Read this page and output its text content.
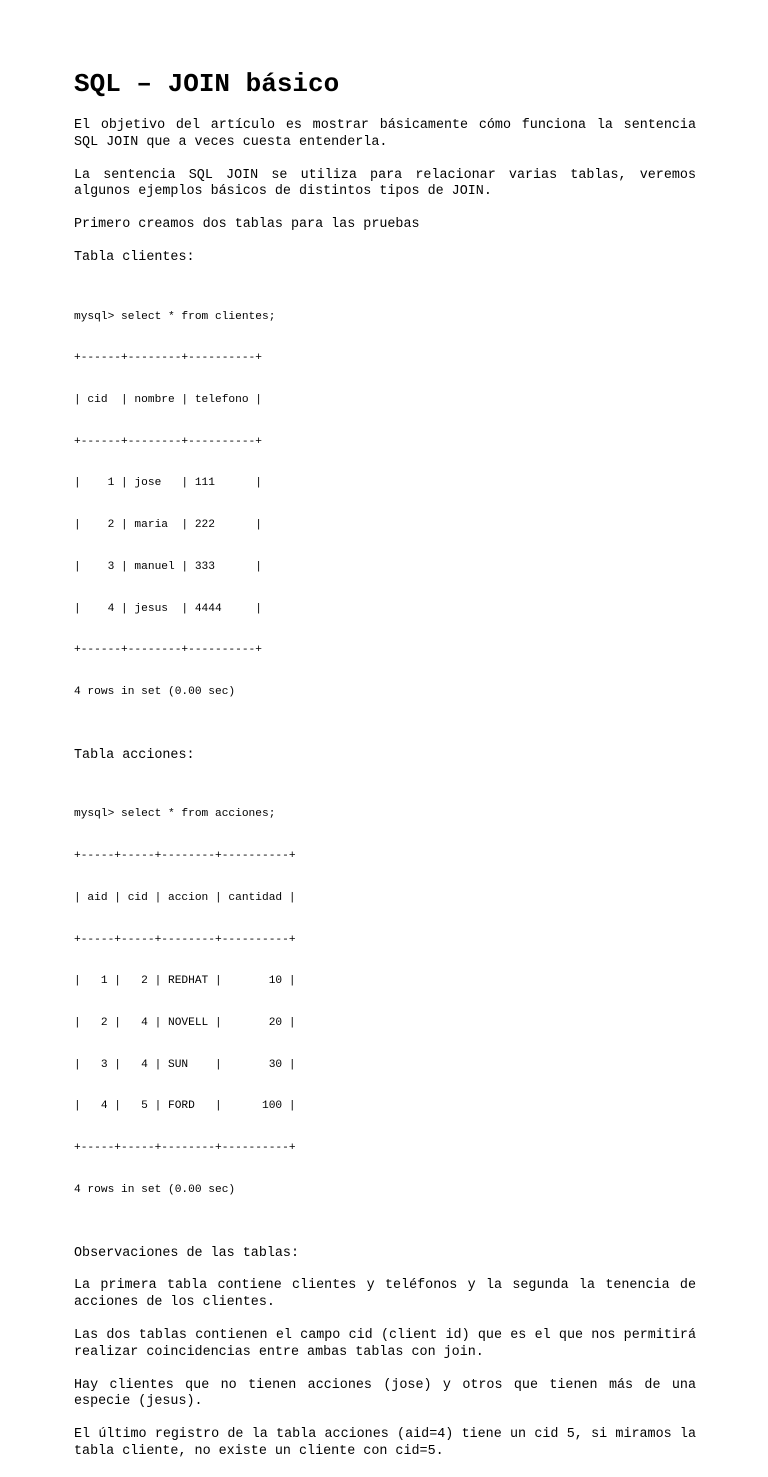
SQL – JOIN básico

El objetivo del artículo es mostrar básicamente cómo funciona la sentencia SQL JOIN que a veces cuesta entenderla.

La sentencia SQL JOIN se utiliza para relacionar varias tablas, veremos algunos ejemplos básicos de distintos tipos de JOIN.

Primero creamos dos tablas para las pruebas

Tabla clientes:

mysql> select * from clientes;

+------+--------+----------+

| cid  | nombre | telefono |

+------+--------+----------+

|    1 | jose   | 111      |

|    2 | maria  | 222      |

|    3 | manuel | 333      |

|    4 | jesus  | 4444     |

+------+--------+----------+

4 rows in set (0.00 sec)

Tabla acciones:

mysql> select * from acciones;

+-----+-----+--------+----------+

| aid | cid | accion | cantidad |

+-----+-----+--------+----------+

|   1 |   2 | REDHAT |       10 |

|   2 |   4 | NOVELL |       20 |

|   3 |   4 | SUN    |       30 |

|   4 |   5 | FORD   |      100 |

+-----+-----+--------+----------+

4 rows in set (0.00 sec)

Observaciones de las tablas:

La primera tabla contiene clientes y teléfonos y la segunda la tenencia de acciones de los clientes.

Las dos tablas contienen el campo cid (client id) que es el que nos permitirá realizar coincidencias entre ambas tablas con join.

Hay clientes que no tienen acciones (jose) y otros que tienen más de una especie (jesus).

El último registro de la tabla acciones (aid=4) tiene un cid 5, si miramos la tabla cliente, no existe un cliente con cid=5.
